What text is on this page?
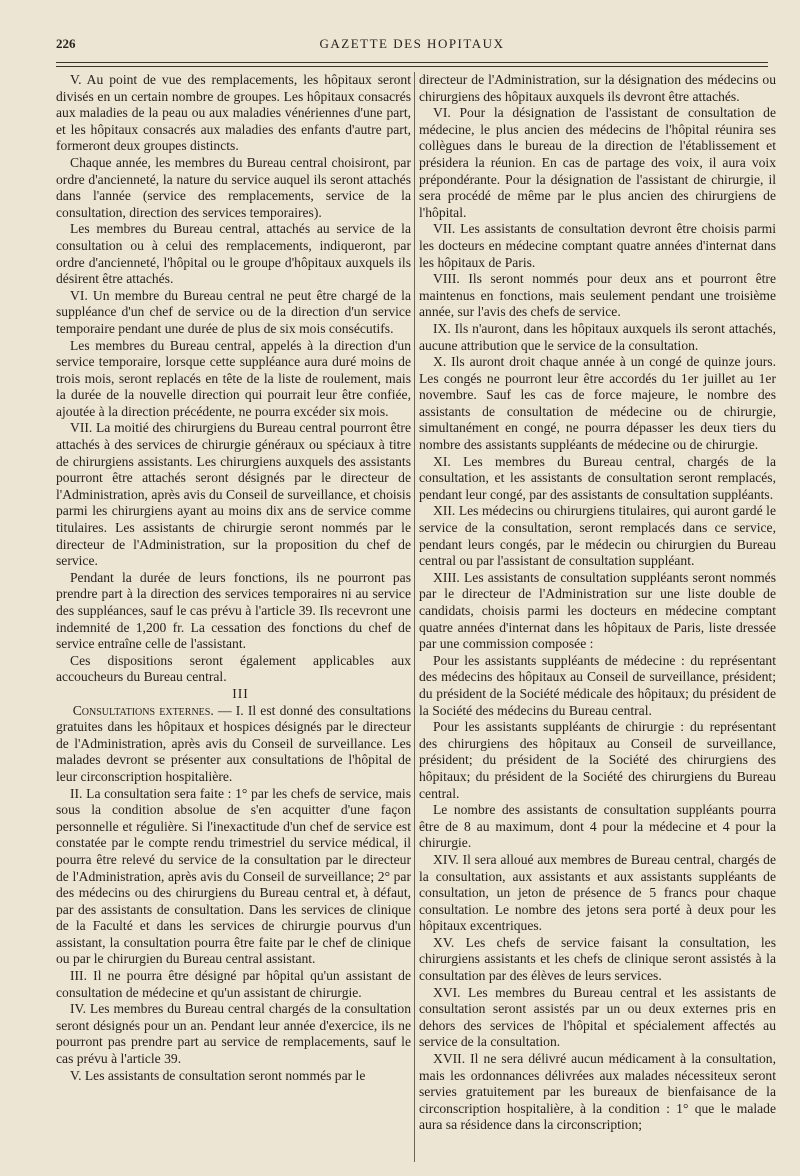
226	GAZETTE DES HOPITAUX

V. Au point de vue des remplacements, les hôpitaux seront divisés en un certain nombre de groupes. Les hôpitaux consacrés aux maladies de la peau ou aux maladies vénériennes d'une part, et les hôpitaux consacrés aux maladies des enfants d'autre part, formeront deux groupes distincts.

Chaque année, les membres du Bureau central choisiront, par ordre d'ancienneté, la nature du service auquel ils seront attachés dans l'année (service des remplacements, service de la consultation, direction des services temporaires).

Les membres du Bureau central, attachés au service de la consultation ou à celui des remplacements, indiqueront, par ordre d'ancienneté, l'hôpital ou le groupe d'hôpitaux auxquels ils désirent être attachés.

VI. Un membre du Bureau central ne peut être chargé de la suppléance d'un chef de service ou de la direction d'un service temporaire pendant une durée de plus de six mois consécutifs.

Les membres du Bureau central, appelés à la direction d'un service temporaire, lorsque cette suppléance aura duré moins de trois mois, seront replacés en tête de la liste de roulement, mais la durée de la nouvelle direction qui pourrait leur être confiée, ajoutée à la direction précédente, ne pourra excéder six mois.

VII. La moitié des chirurgiens du Bureau central pourront être attachés à des services de chirurgie généraux ou spéciaux à titre de chirurgiens assistants. Les chirurgiens auxquels des assistants pourront être attachés seront désignés par le directeur de l'Administration, après avis du Conseil de surveillance, et choisis parmi les chirurgiens ayant au moins dix ans de service comme titulaires. Les assistants de chirurgie seront nommés par le directeur de l'Administration, sur la proposition du chef de service.

Pendant la durée de leurs fonctions, ils ne pourront pas prendre part à la direction des services temporaires ni au service des suppléances, sauf le cas prévu à l'article 39. Ils recevront une indemnité de 1,200 fr. La cessation des fonctions du chef de service entraîne celle de l'assistant.

Ces dispositions seront également applicables aux accoucheurs du Bureau central.

III

Consultations externes. — I. Il est donné des consultations gratuites dans les hôpitaux et hospices désignés par le directeur de l'Administration, après avis du Conseil de surveillance. Les malades devront se présenter aux consultations de l'hôpital de leur circonscription hospitalière.

II. La consultation sera faite : 1° par les chefs de service, mais sous la condition absolue de s'en acquitter d'une façon personnelle et régulière. Si l'inexactitude d'un chef de service est constatée par le compte rendu trimestriel du service médical, il pourra être relevé du service de la consultation par le directeur de l'Administration, après avis du Conseil de surveillance; 2° par des médecins ou des chirurgiens du Bureau central et, à défaut, par des assistants de consultation. Dans les services de clinique de la Faculté et dans les services de chirurgie pourvus d'un assistant, la consultation pourra être faite par le chef de clinique ou par le chirurgien du Bureau central assistant.

III. Il ne pourra être désigné par hôpital qu'un assistant de consultation de médecine et qu'un assistant de chirurgie.

IV. Les membres du Bureau central chargés de la consultation seront désignés pour un an. Pendant leur année d'exercice, ils ne pourront pas prendre part au service de remplacements, sauf le cas prévu à l'article 39.

V. Les assistants de consultation seront nommés par le

directeur de l'Administration, sur la désignation des médecins ou chirurgiens des hôpitaux auxquels ils devront être attachés.

VI. Pour la désignation de l'assistant de consultation de médecine, le plus ancien des médecins de l'hôpital réunira ses collègues dans le bureau de la direction de l'établissement et présidera la réunion. En cas de partage des voix, il aura voix prépondérante. Pour la désignation de l'assistant de chirurgie, il sera procédé de même par le plus ancien des chirurgiens de l'hôpital.

VII. Les assistants de consultation devront être choisis parmi les docteurs en médecine comptant quatre années d'internat dans les hôpitaux de Paris.

VIII. Ils seront nommés pour deux ans et pourront être maintenus en fonctions, mais seulement pendant une troisième année, sur l'avis des chefs de service.

IX. Ils n'auront, dans les hôpitaux auxquels ils seront attachés, aucune attribution que le service de la consultation.

X. Ils auront droit chaque année à un congé de quinze jours. Les congés ne pourront leur être accordés du 1er juillet au 1er novembre. Sauf les cas de force majeure, le nombre des assistants de consultation de médecine ou de chirurgie, simultanément en congé, ne pourra dépasser les deux tiers du nombre des assistants suppléants de médecine ou de chirurgie.

XI. Les membres du Bureau central, chargés de la consultation, et les assistants de consultation seront remplacés, pendant leur congé, par des assistants de consultation suppléants.

XII. Les médecins ou chirurgiens titulaires, qui auront gardé le service de la consultation, seront remplacés dans ce service, pendant leurs congés, par le médecin ou chirurgien du Bureau central ou par l'assistant de consultation suppléant.

XIII. Les assistants de consultation suppléants seront nommés par le directeur de l'Administration sur une liste double de candidats, choisis parmi les docteurs en médecine comptant quatre années d'internat dans les hôpitaux de Paris, liste dressée par une commission composée :

Pour les assistants suppléants de médecine : du représentant des médecins des hôpitaux au Conseil de surveillance, président; du président de la Société médicale des hôpitaux; du président de la Société des médecins du Bureau central.

Pour les assistants suppléants de chirurgie : du représentant des chirurgiens des hôpitaux au Conseil de surveillance, président; du président de la Société des chirurgiens des hôpitaux; du président de la Société des chirurgiens du Bureau central.

Le nombre des assistants de consultation suppléants pourra être de 8 au maximum, dont 4 pour la médecine et 4 pour la chirurgie.

XIV. Il sera alloué aux membres de Bureau central, chargés de la consultation, aux assistants et aux assistants suppléants de consultation, un jeton de présence de 5 francs pour chaque consultation. Le nombre des jetons sera porté à deux pour les hôpitaux excentriques.

XV. Les chefs de service faisant la consultation, les chirurgiens assistants et les chefs de clinique seront assistés à la consultation par des élèves de leurs services.

XVI. Les membres du Bureau central et les assistants de consultation seront assistés par un ou deux externes pris en dehors des services de l'hôpital et spécialement affectés au service de la consultation.

XVII. Il ne sera délivré aucun médicament à la consultation, mais les ordonnances délivrées aux malades nécessiteux seront servies gratuitement par les bureaux de bienfaisance de la circonscription hospitalière, à la condition : 1° que le malade aura sa résidence dans la circonscription;
